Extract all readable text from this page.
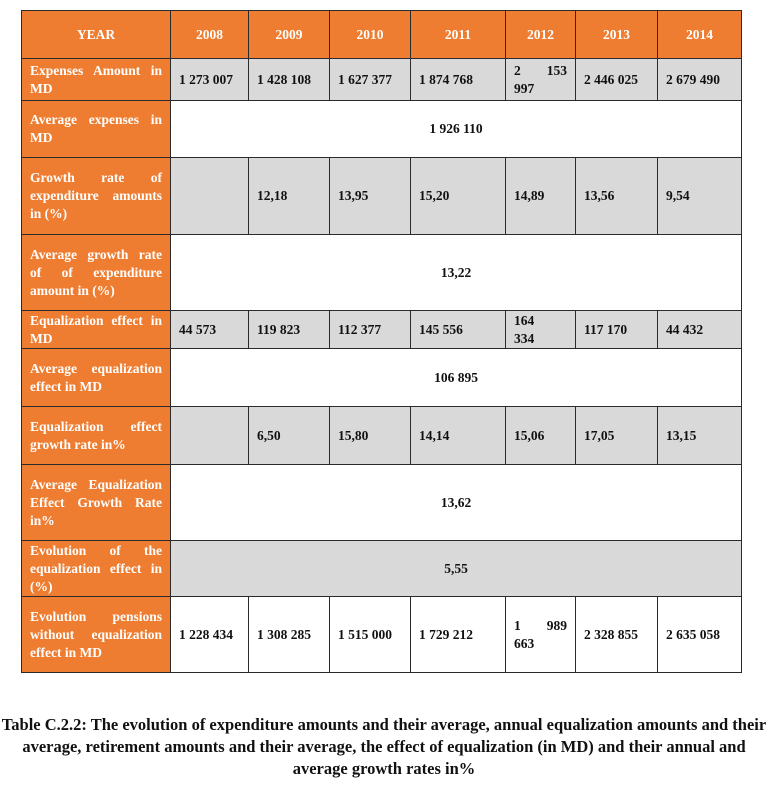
YEAR	2008	2009	2010	2011	2012	2013	2014
Expenses Amount in MD	1 273 007	1 428 108	1 627 377	1 874 768	2 153 997	2 446 025	2 679 490
Average expenses in MD	1 926 110						
Growth rate of expenditure amounts in (%)		12,18	13,95	15,20	14,89	13,56	9,54
Average growth rate of of expenditure amount in (%)	13,22						
Equalization effect in MD	44 573	119 823	112 377	145 556	164 334	117 170	44 432
Average equalization effect in MD	106 895						
Equalization effect growth rate in%		6,50	15,80	14,14	15,06	17,05	13,15
Average Equalization Effect Growth Rate in%	13,62						
Evolution of the equalization effect in (%)	5,55						
Evolution pensions without equalization effect in MD	1 228 434	1 308 285	1 515 000	1 729 212	1 989 663	2 328 855	2 635 058
Table C.2.2: The evolution of expenditure amounts and their average, annual equalization amounts and their average, retirement amounts and their average, the effect of equalization (in MD) and their annual and average growth rates in%
